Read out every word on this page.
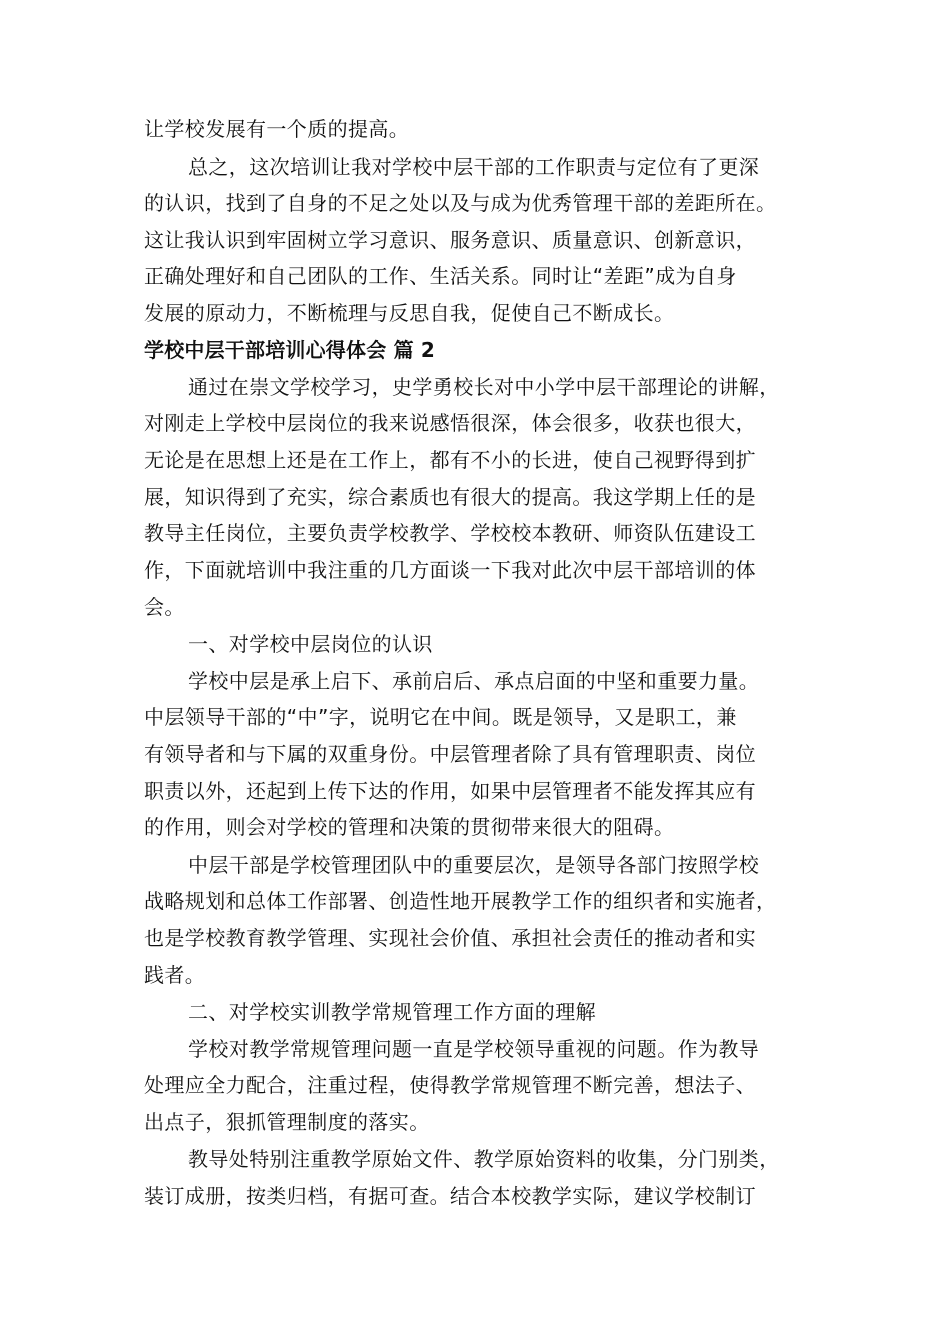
让学校发展有一个质的提高。
总之，这次培训让我对学校中层干部的工作职责与定位有了更深
的认识，找到了自身的不足之处以及与成为优秀管理干部的差距所在。
这让我认识到牢固树立学习意识、服务意识、质量意识、创新意识，
正确处理好和自己团队的工作、生活关系。同时让“差距”成为自身
发展的原动力，不断梳理与反思自我，促使自己不断成长。
学校中层干部培训心得体会 篇 2
通过在崇文学校学习，史学勇校长对中小学中层干部理论的讲解，
对刚走上学校中层岗位的我来说感悟很深，体会很多，收获也很大，
无论是在思想上还是在工作上，都有不小的长进，使自己视野得到扩
展，知识得到了充实，综合素质也有很大的提高。我这学期上任的是
教导主任岗位，主要负责学校教学、学校校本教研、师资队伍建设工
作，下面就培训中我注重的几方面谈一下我对此次中层干部培训的体
会。
一、对学校中层岗位的认识
学校中层是承上启下、承前启后、承点启面的中坚和重要力量。
中层领导干部的“中”字，说明它在中间。既是领导，又是职工，兼
有领导者和与下属的双重身份。中层管理者除了具有管理职责、岗位
职责以外，还起到上传下达的作用，如果中层管理者不能发挥其应有
的作用，则会对学校的管理和决策的贯彻带来很大的阻碍。
中层干部是学校管理团队中的重要层次，是领导各部门按照学校
战略规划和总体工作部署、创造性地开展教学工作的组织者和实施者，
也是学校教育教学管理、实现社会价值、承担社会责任的推动者和实
践者。
二、对学校实训教学常规管理工作方面的理解
学校对教学常规管理问题一直是学校领导重视的问题。作为教导
处理应全力配合，注重过程，使得教学常规管理不断完善，想法子、
出点子，狠抓管理制度的落实。
教导处特别注重教学原始文件、教学原始资料的收集，分门别类，
装订成册，按类归档，有据可查。结合本校教学实际，建议学校制订
